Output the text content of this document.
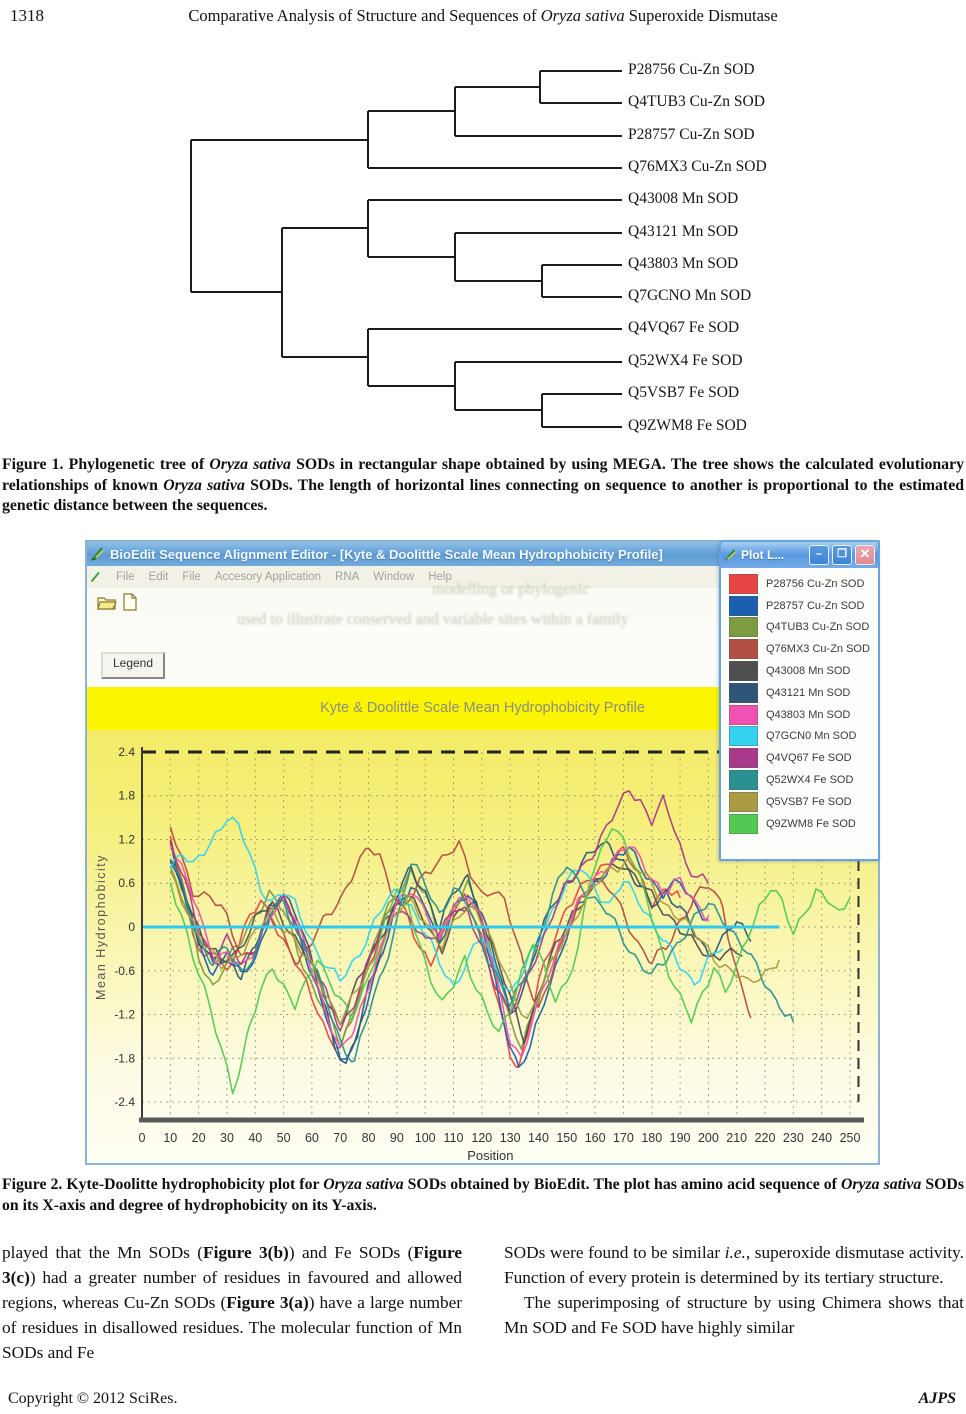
1318	Comparative Analysis of Structure and Sequences of Oryza sativa Superoxide Dismutase
P28756 Cu-Zn SOD
Q4TUB3 Cu-Zn SOD
P28757 Cu-Zn SOD
Q76MX3 Cu-Zn SOD
Q43008 Mn SOD
Q43121 Mn SOD
Q43803 Mn SOD
Q7GCNO Mn SOD
Q4VQ67 Fe SOD
Q52WX4 Fe SOD
Q5VSB7 Fe SOD
Q9ZWM8 Fe SOD
Figure 1. Phylogenetic tree of Oryza sativa SODs in rectangular shape obtained by using MEGA. The tree shows the calculated evolutionary relationships of known Oryza sativa SODs. The length of horizontal lines connecting on sequence to another is proportional to the estimated genetic distance between the sequences.
BioEdit Sequence Alignment Editor - [Kyte & Doolittle Scale Mean Hydrophobicity Profile]
File Edit File Accesory Application RNA Window Help
modelling or phylogenic
used to illustrate conserved and variable sites within a family
Legend
Kyte & Doolittle Scale Mean Hydrophobicity Profile
2.4
1.8
1.2
0.6
0
-0.6
-1.2
-1.8
-2.4
0 10 20 30 40 50 60 70 80 90 100 110 120 130 140 150 160 170 180 190 200 210 220 230 240 250
Position
Mean Hydrophobicity
Plot L...	–	❒ ✕
P28756 Cu-Zn SOD
P28757 Cu-Zn SOD
Q4TUB3 Cu-Zn SOD
Q76MX3 Cu-Zn SOD
Q43008 Mn SOD
Q43121 Mn SOD
Q43803 Mn SOD
Q7GCN0 Mn SOD
Q4VQ67 Fe SOD
Q52WX4 Fe SOD
Q5VSB7 Fe SOD
Q9ZWM8 Fe SOD
Figure 2. Kyte-Doolitte hydrophobicity plot for Oryza sativa SODs obtained by BioEdit. The plot has amino acid sequence of Oryza sativa SODs on its X-axis and degree of hydrophobicity on its Y-axis.
played that the Mn SODs (Figure 3(b)) and Fe SODs (Figure 3(c)) had a greater number of residues in favoured and allowed regions, whereas Cu-Zn SODs (Figure 3(a)) have a large number of residues in disallowed residues. The molecular function of Mn SODs and Fe

SODs were found to be similar i.e., superoxide dismutase activity. Function of every protein is determined by its tertiary structure.

The superimposing of structure by using Chimera shows that Mn SOD and Fe SOD have highly similar

Copyright © 2012 SciRes.	AJPS
